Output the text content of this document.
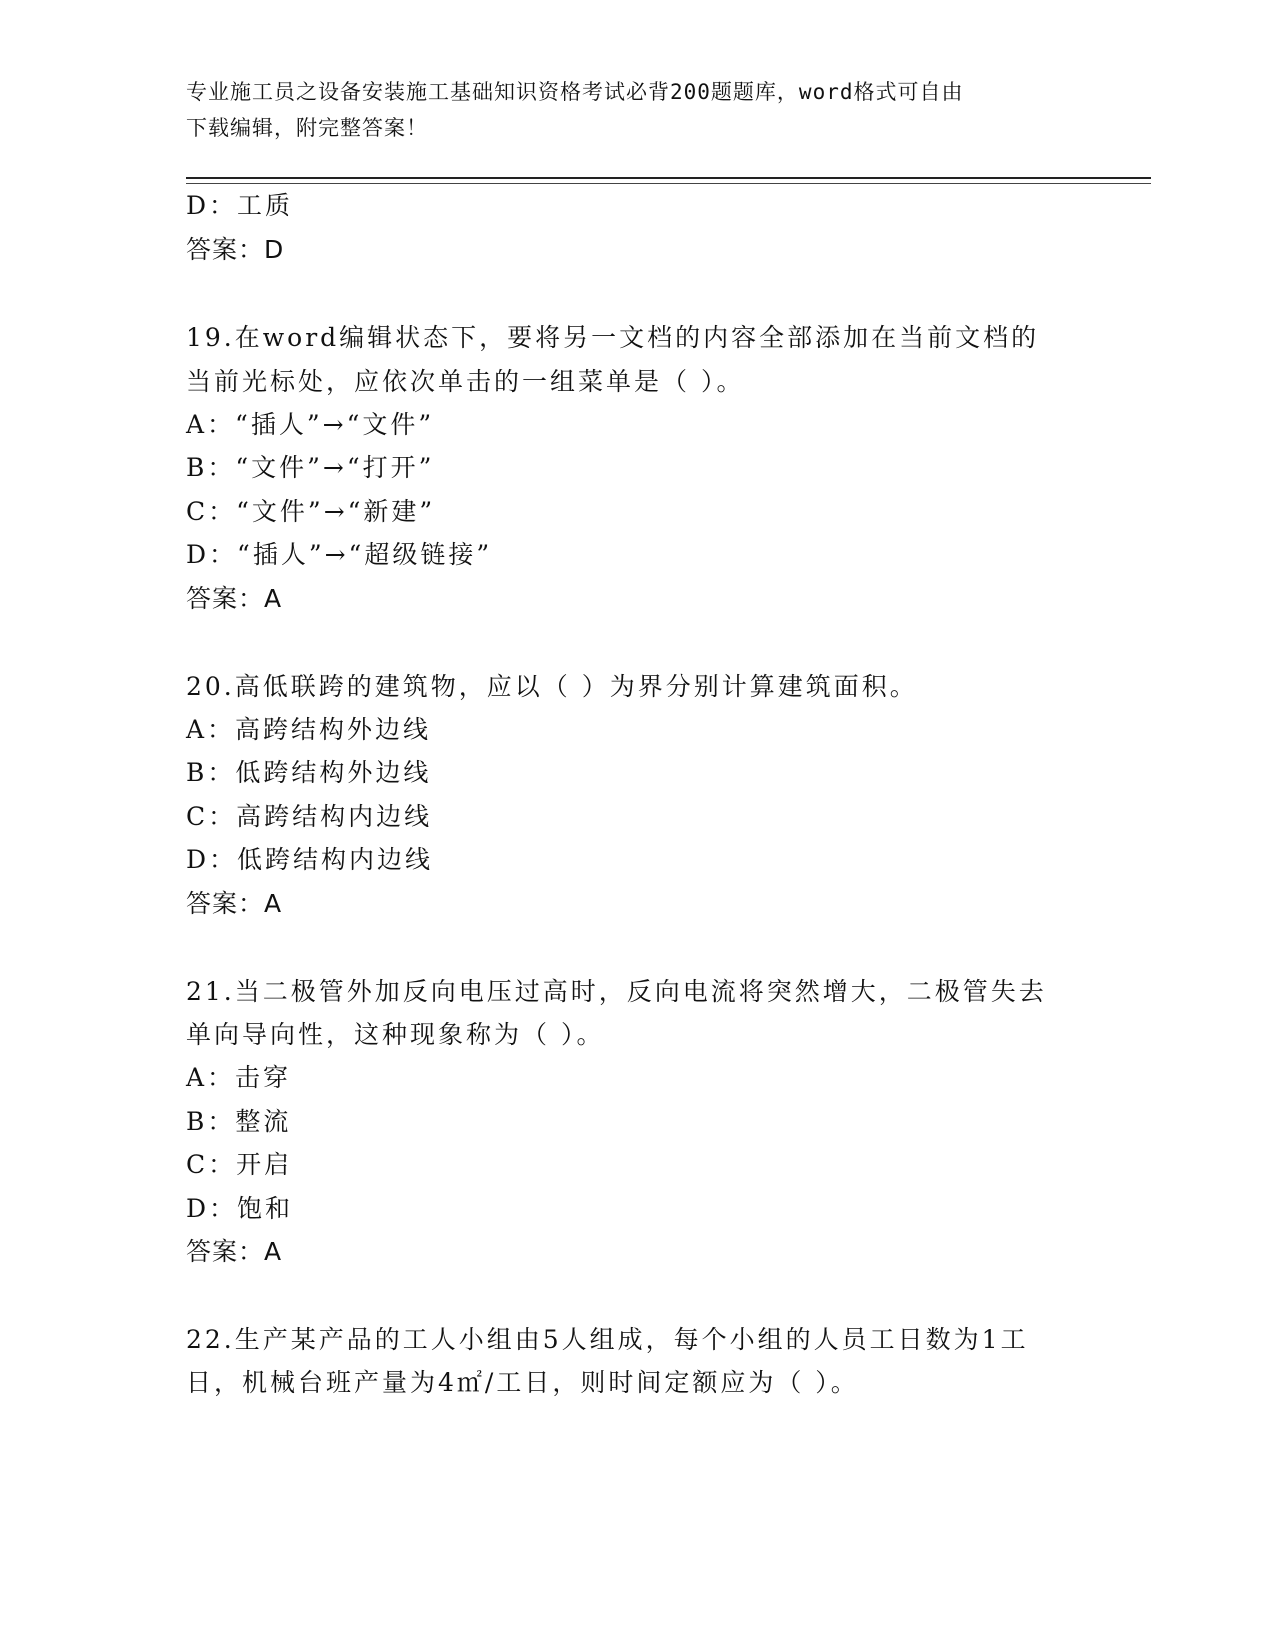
专业施工员之设备安装施工基础知识资格考试必背200题题库，word格式可自由
下载编辑，附完整答案！
D：工质
答案：D
19.在word编辑状态下，要将另一文档的内容全部添加在当前文档的
当前光标处，应依次单击的一组菜单是（ ）。
A：“插人”→“文件”
B：“文件”→“打开”
C：“文件”→“新建”
D：“插人”→“超级链接”
答案：A
20.高低联跨的建筑物，应以（ ）为界分别计算建筑面积。
A：高跨结构外边线
B：低跨结构外边线
C：高跨结构内边线
D：低跨结构内边线
答案：A
21.当二极管外加反向电压过高时，反向电流将突然增大，二极管失去
单向导向性，这种现象称为（ ）。
A：击穿
B：整流
C：开启
D：饱和
答案：A
22.生产某产品的工人小组由5人组成，每个小组的人员工日数为1工
日，机械台班产量为4㎡/工日，则时间定额应为（ ）。
